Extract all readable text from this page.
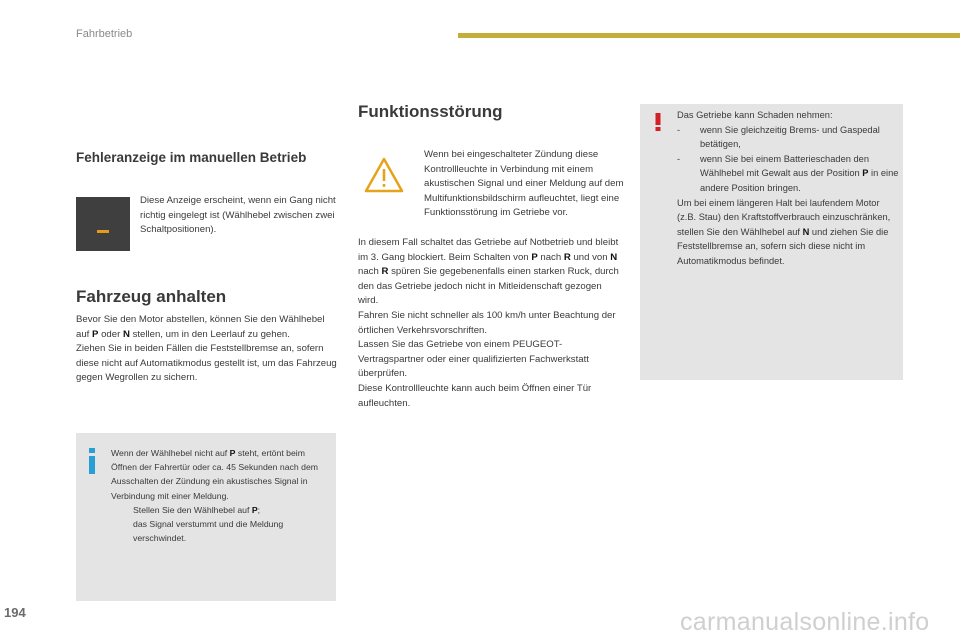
Fahrbetrieb
Fehleranzeige im manuellen Betrieb
Diese Anzeige erscheint, wenn ein Gang nicht richtig eingelegt ist (Wählhebel zwischen zwei Schaltpositionen).
Fahrzeug anhalten
Bevor Sie den Motor abstellen, können Sie den Wählhebel auf P oder N stellen, um in den Leerlauf zu gehen.
Ziehen Sie in beiden Fällen die Feststellbremse an, sofern diese nicht auf Automatikmodus gestellt ist, um das Fahrzeug gegen Wegrollen zu sichern.
Wenn der Wählhebel nicht auf P steht, ertönt beim Öffnen der Fahrertür oder ca. 45 Sekunden nach dem Ausschalten der Zündung ein akustisches Signal in Verbindung mit einer Meldung.
Stellen Sie den Wählhebel auf P;
das Signal verstummt und die Meldung verschwindet.
Funktionsstörung
Wenn bei eingeschalteter Zündung diese Kontrollleuchte in Verbindung mit einem akustischen Signal und einer Meldung auf dem Multifunktionsbildschirm aufleuchtet, liegt eine Funktionsstörung im Getriebe vor.
In diesem Fall schaltet das Getriebe auf Notbetrieb und bleibt im 3. Gang blockiert. Beim Schalten von P nach R und von N nach R spüren Sie gegebenenfalls einen starken Ruck, durch den das Getriebe jedoch nicht in Mitleidenschaft gezogen wird.
Fahren Sie nicht schneller als 100 km/h unter Beachtung der örtlichen Verkehrsvorschriften.
Lassen Sie das Getriebe von einem PEUGEOT-Vertragspartner oder einer qualifizierten Fachwerkstatt überprüfen.
Diese Kontrollleuchte kann auch beim Öffnen einer Tür aufleuchten.
Das Getriebe kann Schaden nehmen:
-	wenn Sie gleichzeitig Brems- und Gaspedal betätigen,
-	wenn Sie bei einem Batterieschaden den Wählhebel mit Gewalt aus der Position P in eine andere Position bringen.
Um bei einem längeren Halt bei laufendem Motor (z.B. Stau) den Kraftstoffverbrauch einzuschränken, stellen Sie den Wählhebel auf N und ziehen Sie die Feststellbremse an, sofern sich diese nicht im Automatikmodus befindet.
194	carmanualsonline.info
